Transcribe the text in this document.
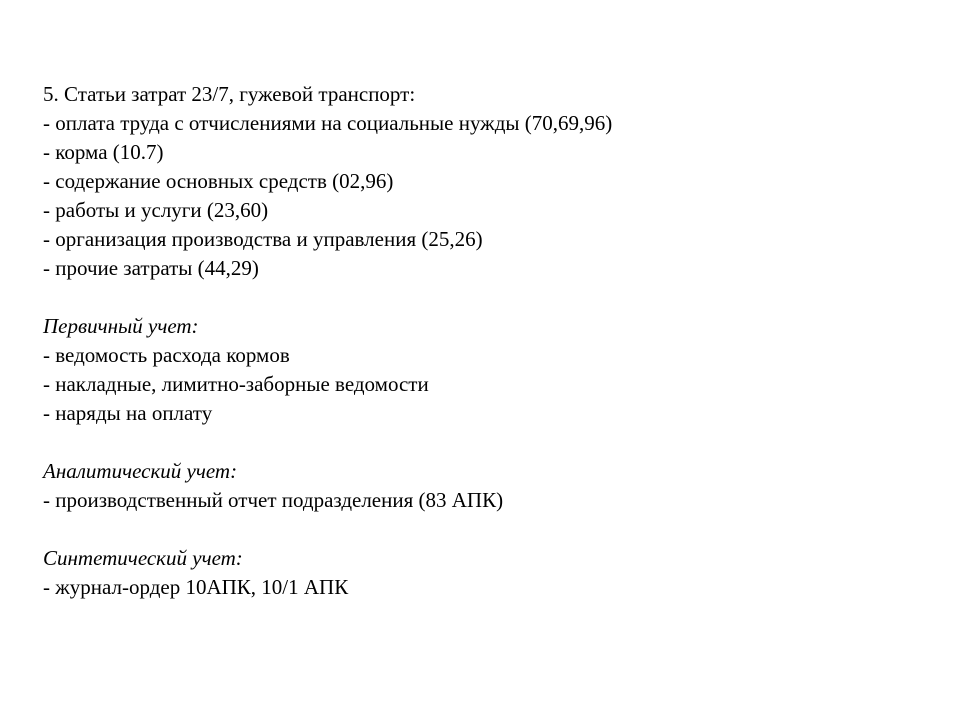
5. Статьи затрат 23/7, гужевой транспорт:
- оплата труда с отчислениями на социальные нужды (70,69,96)
- корма (10.7)
- содержание основных средств (02,96)
- работы и услуги (23,60)
- организация производства и управления (25,26)
- прочие затраты (44,29)
Первичный учет:
- ведомость расхода кормов
- накладные, лимитно-заборные ведомости
- наряды на оплату
Аналитический учет:
- производственный отчет подразделения (83 АПК)
Синтетический учет:
- журнал-ордер 10АПК, 10/1 АПК
